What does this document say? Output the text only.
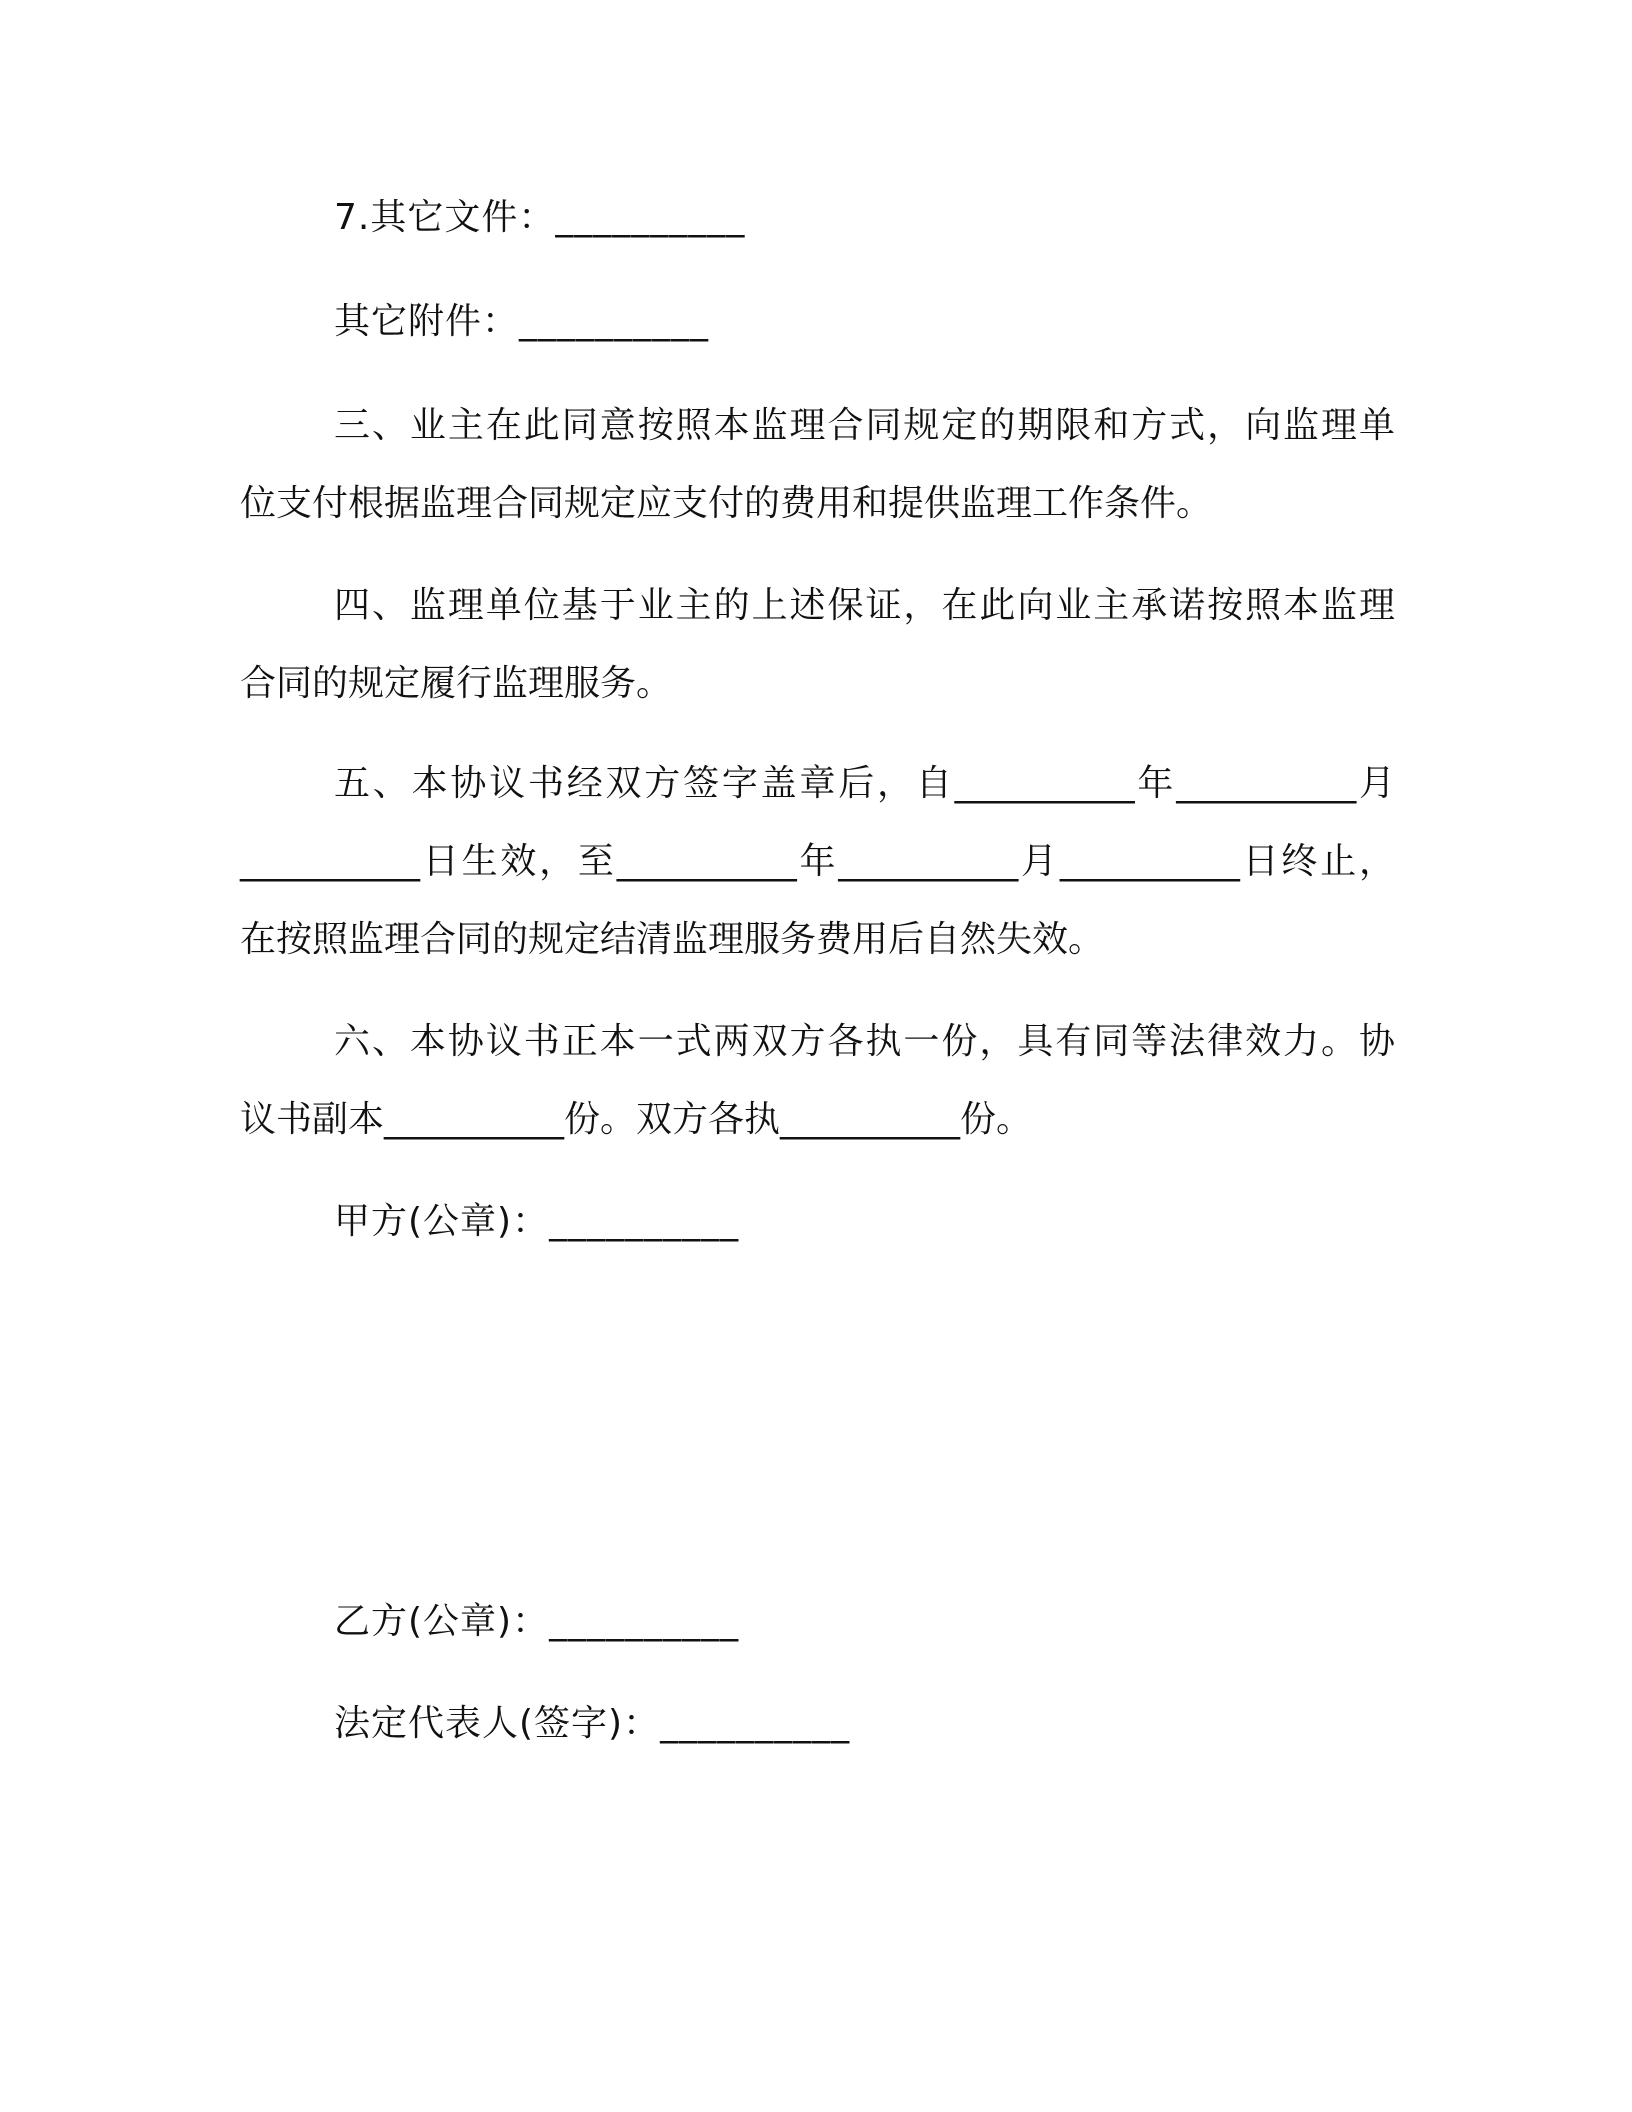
7.其它文件：__________
其它附件：__________
三、业主在此同意按照本监理合同规定的期限和方式，向监理单
位支付根据监理合同规定应支付的费用和提供监理工作条件。
四、监理单位基于业主的上述保证，在此向业主承诺按照本监理
合同的规定履行监理服务。
五、本协议书经双方签字盖章后，自__________年__________月
__________日生效，至__________年__________月__________日终止，
在按照监理合同的规定结清监理服务费用后自然失效。
六、本协议书正本一式两双方各执一份，具有同等法律效力。协
议书副本__________份。双方各执__________份。
甲方(公章)：__________
乙方(公章)：__________
法定代表人(签字)：__________
